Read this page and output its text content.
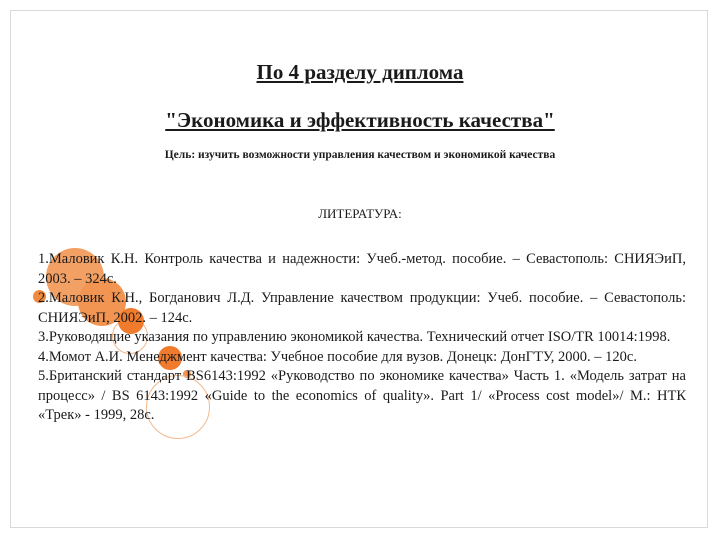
По 4 разделу диплома
"Экономика и эффективность качества"
Цель: изучить возможности управления качеством и экономикой качества
ЛИТЕРАТУРА:

1.Маловик К.Н. Контроль качества и надежности: Учеб.-метод. пособие. – Севастополь: СНИЯЭиП, 2003. – 324с.

2.Маловик К.Н., Богданович Л.Д. Управление качеством продукции: Учеб. пособие. – Севастополь: СНИЯЭиП, 2002. – 124с.

3.Руководящие указания по управлению экономикой качества. Технический отчет ISO/TR 10014:1998.

4.Момот А.И. Менеджмент качества: Учебное пособие для вузов. Донецк: ДонГТУ, 2000. – 120с.

5.Британский стандарт BS6143:1992 «Руководство по экономике качества» Часть 1. «Модель затрат на процесс» / BS 6143:1992 «Guide to the economics of quality». Part 1/ «Process cost model»/ М.: НТК «Трек» - 1999, 28с.
